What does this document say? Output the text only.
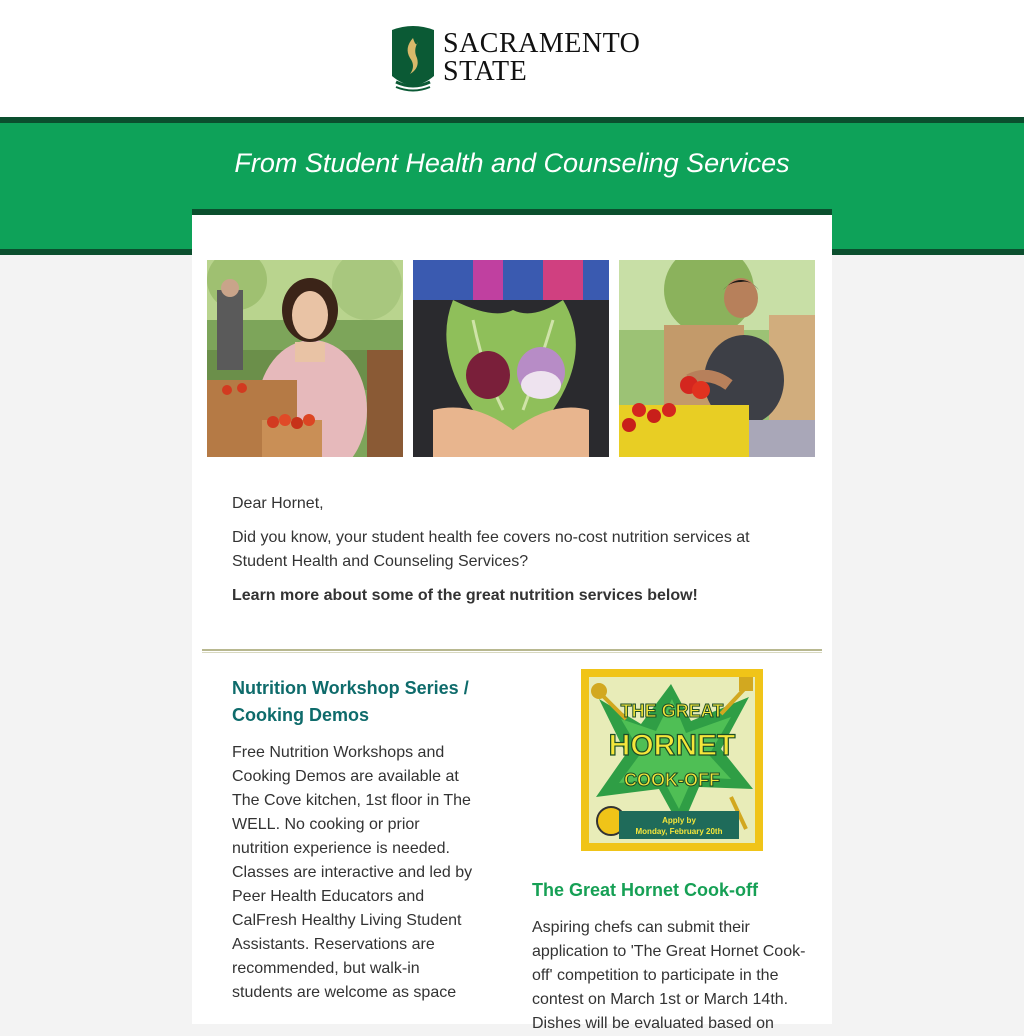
SACRAMENTO
STATE
From Student Health and Counseling Services

Dear Hornet,

Did you know, your student health fee covers no-cost nutrition services at Student Health and Counseling Services?

Learn more about some of the great nutrition services below!

Nutrition Workshop Series / Cooking Demos

Free Nutrition Workshops and Cooking Demos are available at The Cove kitchen, 1st floor in The WELL. No cooking or prior nutrition experience is needed. Classes are interactive and led by Peer Health Educators and CalFresh Healthy Living Student Assistants. Reservations are recommended, but walk-in students are welcome as space

THE GREAT
HORNET
COOK-OFF
Apply by
Monday, February 20th
The Great Hornet Cook-off

Aspiring chefs can submit their application to 'The Great Hornet Cook-off' competition to participate in the contest on March 1st or March 14th. Dishes will be evaluated based on
